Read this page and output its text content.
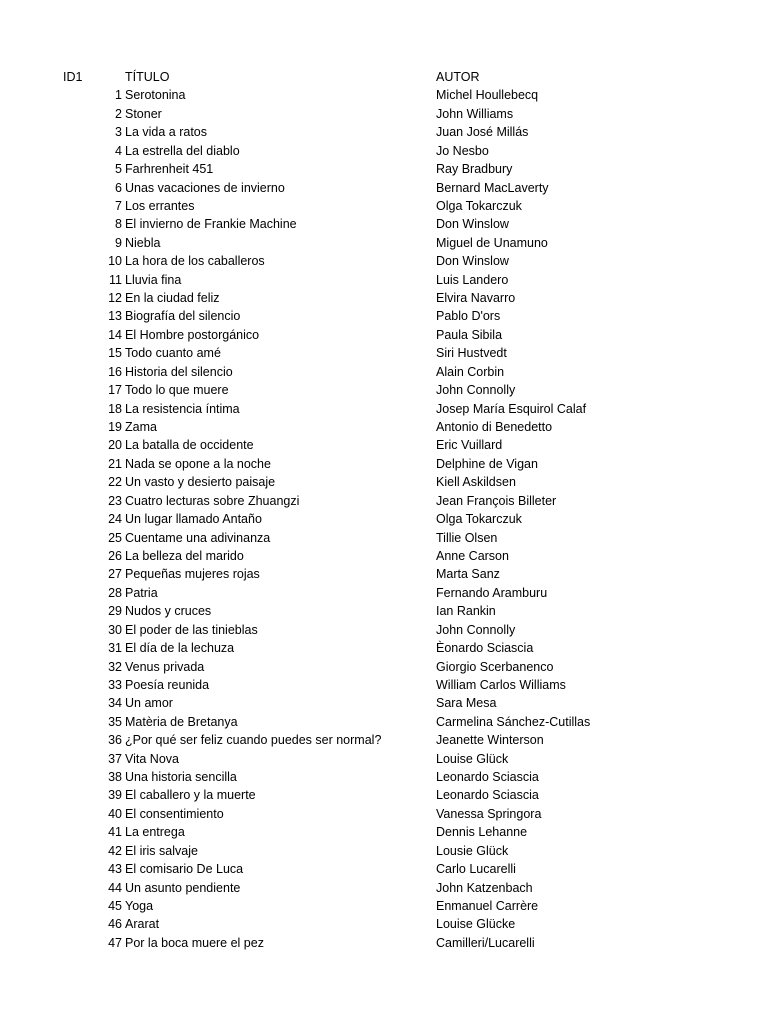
ID1	TÍTULO	AUTOR
1 Serotonina	Michel Houllebecq
2 Stoner	John Williams
3 La vida a ratos	Juan José Millás
4 La estrella del diablo	Jo Nesbo
5 Farhrenheit 451	Ray Bradbury
6 Unas vacaciones de invierno	Bernard MacLaverty
7 Los errantes	Olga Tokarczuk
8 El invierno de Frankie Machine	Don Winslow
9 Niebla	Miguel de Unamuno
10 La hora de los caballeros	Don Winslow
11 Lluvia fina	Luis Landero
12 En la ciudad feliz	Elvira Navarro
13 Biografía del silencio	Pablo D'ors
14 El Hombre postorgánico	Paula Sibila
15 Todo cuanto amé	Siri Hustvedt
16 Historia del silencio	Alain Corbin
17 Todo lo que muere	John Connolly
18 La resistencia íntima	Josep María Esquirol Calaf
19 Zama	Antonio di Benedetto
20 La batalla de occidente	Eric Vuillard
21 Nada se opone a la noche	Delphine de Vigan
22 Un vasto y desierto paisaje	Kiell Askildsen
23 Cuatro lecturas sobre Zhuangzi	Jean François Billeter
24 Un lugar llamado Antaño	Olga Tokarczuk
25 Cuentame una adivinanza	Tillie Olsen
26 La belleza del marido	Anne Carson
27 Pequeñas mujeres rojas	Marta Sanz
28 Patria	Fernando Aramburu
29 Nudos y cruces	Ian Rankin
30 El poder de las tinieblas	John Connolly
31 El día de la lechuza	Èonardo Sciascia
32 Venus privada	Giorgio Scerbanenco
33 Poesía reunida	William Carlos Williams
34 Un amor	Sara Mesa
35 Matèria de Bretanya	Carmelina Sánchez-Cutillas
36 ¿Por qué ser feliz cuando puedes ser normal?	Jeanette Winterson
37 Vita Nova	Louise Glück
38 Una historia sencilla	Leonardo Sciascia
39 El caballero y la muerte	Leonardo Sciascia
40 El consentimiento	Vanessa Springora
41 La entrega	Dennis Lehanne
42 El iris salvaje	Lousie Glück
43 El comisario De Luca	Carlo Lucarelli
44 Un asunto pendiente	John Katzenbach
45 Yoga	Enmanuel Carrère
46 Ararat	Louise Glücke
47 Por la boca muere el pez	Camilleri/Lucarelli
